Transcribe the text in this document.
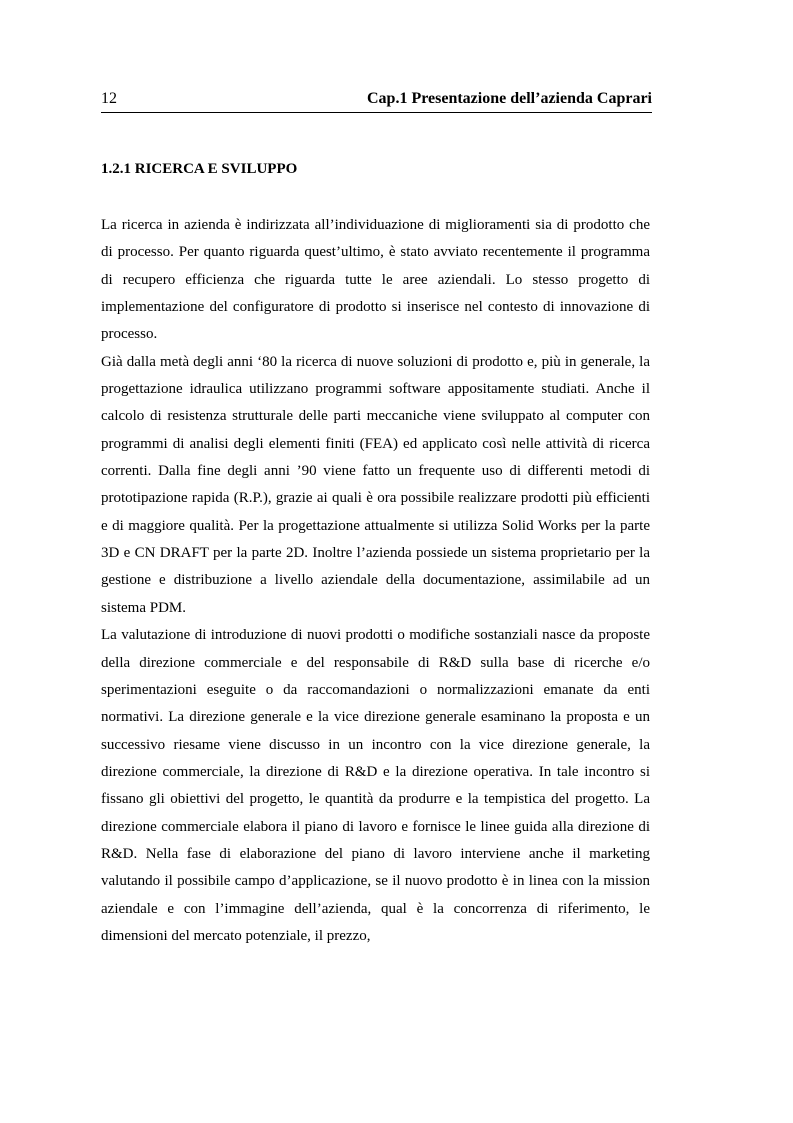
12	Cap.1 Presentazione dell’azienda Caprari
1.2.1 RICERCA E SVILUPPO

La ricerca in azienda è indirizzata all’individuazione di miglioramenti sia di prodotto che di processo. Per quanto riguarda quest’ultimo, è stato avviato recentemente il programma di recupero efficienza che riguarda tutte le aree aziendali. Lo stesso progetto di implementazione del configuratore di prodotto si inserisce nel contesto di innovazione di processo.

Già dalla metà degli anni ‘80 la ricerca di nuove soluzioni di prodotto e, più in generale, la progettazione idraulica utilizzano programmi software appositamente studiati. Anche il calcolo di resistenza strutturale delle parti meccaniche viene sviluppato al computer con programmi di analisi degli elementi finiti (FEA) ed applicato così nelle attività di ricerca correnti. Dalla fine degli anni ’90 viene fatto un frequente uso di differenti metodi di prototipazione rapida (R.P.), grazie ai quali è ora possibile realizzare prodotti più efficienti e di maggiore qualità. Per la progettazione attualmente si utilizza Solid Works per la parte 3D e CN DRAFT per la parte 2D. Inoltre l’azienda possiede un sistema proprietario per la gestione e distribuzione a livello aziendale della documentazione, assimilabile ad un sistema PDM.

La valutazione di introduzione di nuovi prodotti o modifiche sostanziali nasce da proposte della direzione commerciale e del responsabile di R&D sulla base di ricerche e/o sperimentazioni eseguite o da raccomandazioni o normalizzazioni emanate da enti normativi. La direzione generale e la vice direzione generale esaminano la proposta e un successivo riesame viene discusso in un incontro con la vice direzione generale, la direzione commerciale, la direzione di R&D e la direzione operativa. In tale incontro si fissano gli obiettivi del progetto, le quantità da produrre e la tempistica del progetto. La direzione commerciale elabora il piano di lavoro e fornisce le linee guida alla direzione di R&D. Nella fase di elaborazione del piano di lavoro interviene anche il marketing valutando il possibile campo d’applicazione, se il nuovo prodotto è in linea con la mission aziendale e con l’immagine dell’azienda, qual è la concorrenza di riferimento, le dimensioni del mercato potenziale, il prezzo,
